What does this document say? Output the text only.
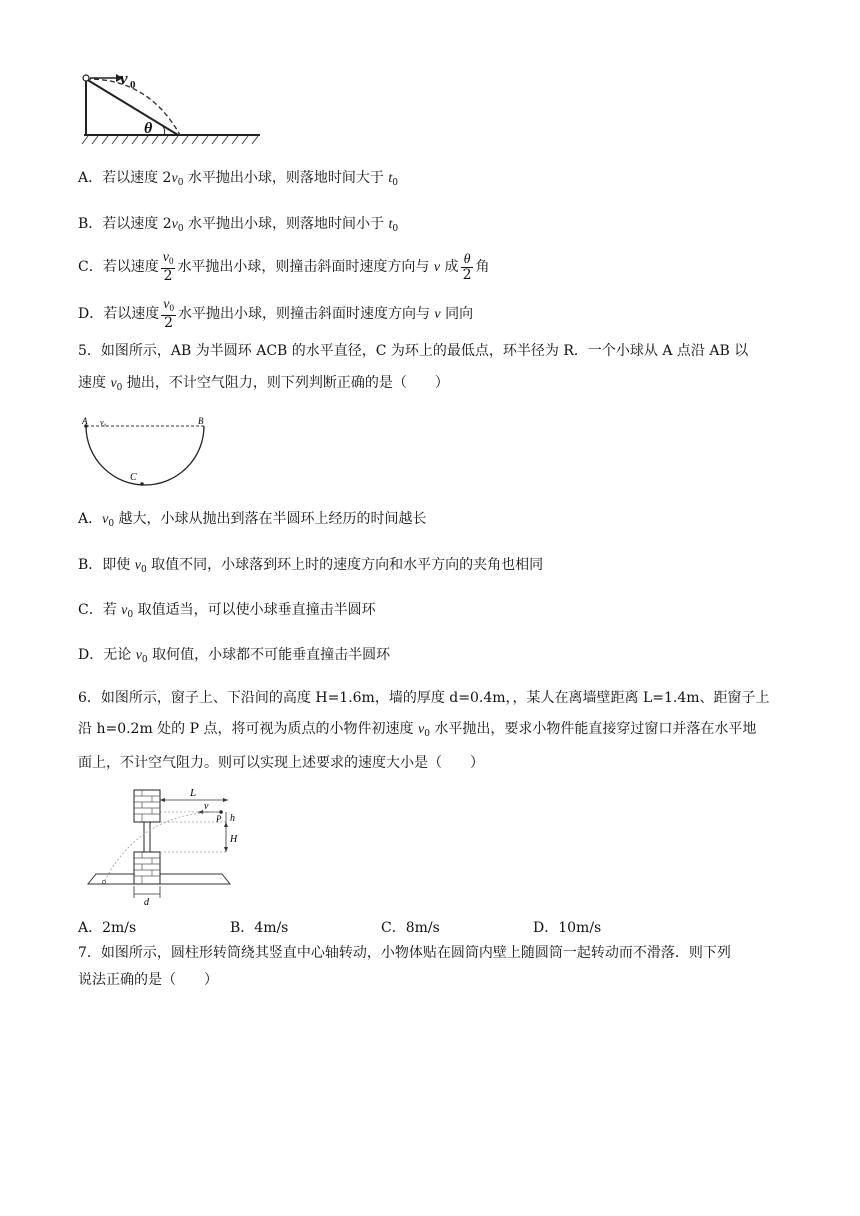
v 0
θ
A．若以速度 $2v_0$ 水平抛出小球，则落地时间大于 $t_0$
B．若以速度 $2v_0$ 水平抛出小球，则落地时间小于 $t_0$
C．若以速度 $\frac{v_0}{2}$ 水平抛出小球，则撞击斜面时速度方向与 v 成 $\frac{\theta}{2}$ 角
D．若以速度 $\frac{v_0}{2}$ 水平抛出小球，则撞击斜面时速度方向与 v 同向
5．如图所示，AB 为半圆环 ACB 的水平直径，C 为环上的最低点，环半径为 R．一个小球从 A 点沿 AB 以
速度 $v_0$ 抛出，不计空气阻力，则下列判断正确的是（　　）
A v₀	B
C
A．$v_0$ 越大，小球从抛出到落在半圆环上经历的时间越长
B．即使 $v_0$ 取值不同，小球落到环上时的速度方向和水平方向的夹角也相同
C．若 $v_0$ 取值适当，可以使小球垂直撞击半圆环
D．无论 $v_0$ 取何值，小球都不可能垂直撞击半圆环
6．如图所示，窗子上、下沿间的高度 H=1.6m，墙的厚度 d=0.4m，，某人在离墙壁距离 L=1.4m、距窗子上
沿 h=0.2m 处的 P 点，将可视为质点的小物件初速度 $v_0$ 水平抛出，要求小物件能直接穿过窗口并落在水平地
面上，不计空气阻力。则可以实现上述要求的速度大小是（　　）
L
v
P h
H
d
A．2m/s	B．4m/s	C．8m/s	D．10m/s
7．如图所示，圆柱形转筒绕其竖直中心轴转动，小物体贴在圆筒内壁上随圆筒一起转动而不滑落．则下列
说法正确的是（　　）
